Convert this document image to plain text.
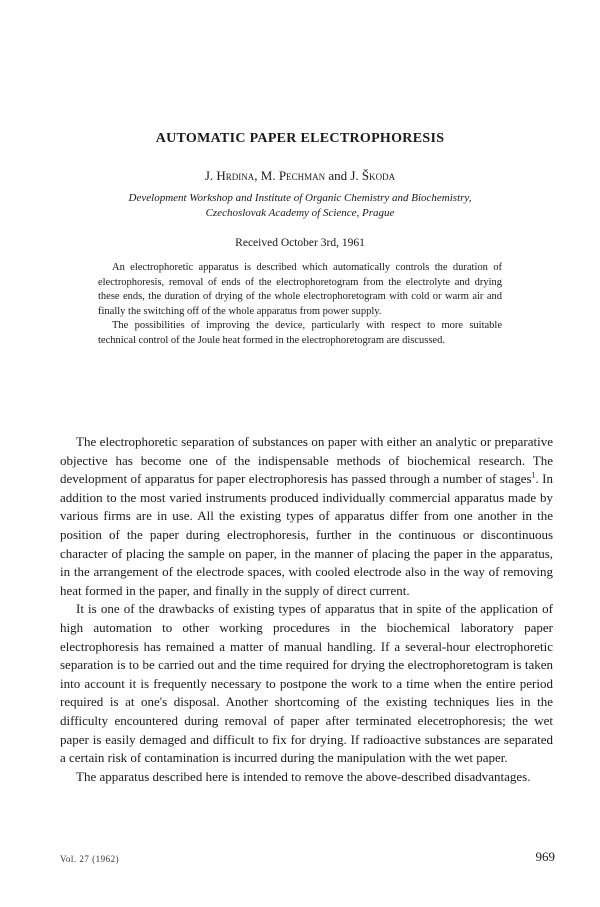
AUTOMATIC PAPER ELECTROPHORESIS
J. Hrdina, M. Pechman and J. Škoda
Development Workshop and Institute of Organic Chemistry and Biochemistry,
Czechoslovak Academy of Science, Prague
Received October 3rd, 1961

An electrophoretic apparatus is described which automatically controls the duration of electrophoresis, removal of ends of the electrophoretogram from the electrolyte and drying these ends, the duration of drying of the whole electrophoretogram with cold or warm air and finally the switching off of the whole apparatus from power supply.

The possibilities of improving the device, particularly with respect to more suitable technical control of the Joule heat formed in the electrophoretogram are discussed.

The electrophoretic separation of substances on paper with either an analytic or preparative objective has become one of the indispensable methods of biochemical research. The development of apparatus for paper electrophoresis has passed through a number of stages$^1$. In addition to the most varied instruments produced individually commercial apparatus made by various firms are in use. All the existing types of apparatus differ from one another in the position of the paper during electrophoresis, further in the continuous or discontinuous character of placing the sample on paper, in the manner of placing the paper in the apparatus, in the arrangement of the electrode spaces, with cooled electrode also in the way of removing heat formed in the paper, and finally in the supply of direct current.

It is one of the drawbacks of existing types of apparatus that in spite of the application of high automation to other working procedures in the biochemical laboratory paper electrophoresis has remained a matter of manual handling. If a several-hour electrophoretic separation is to be carried out and the time required for drying the electrophoretogram is taken into account it is frequently necessary to postpone the work to a time when the entire period required is at one's disposal. Another shortcoming of the existing techniques lies in the difficulty encountered during removal of paper after terminated elecetrophoresis; the wet paper is easily demaged and difficult to fix for drying. If radioactive substances are separated a certain risk of contamination is incurred during the manipulation with the wet paper.

The apparatus described here is intended to remove the above-described disadvantages.

Vol. 27 (1962)	969
